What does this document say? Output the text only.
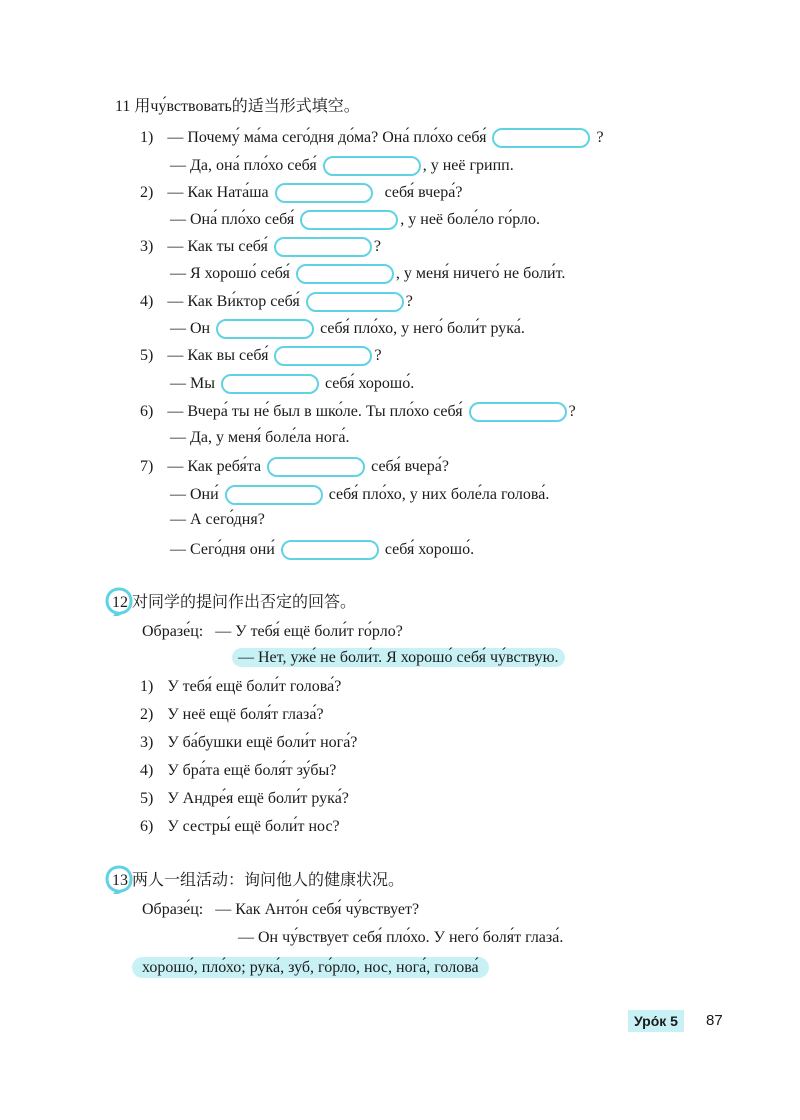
11 用чу́вствовать的适当形式填空。
1) — Почему́ ма́ма сего́дня до́ма? Она́ пло́хо себя́	?
— Да, она́ пло́хо себя́	, у неё грипп.
2) — Как Ната́ша	себя́ вчера́?
— Она́ пло́хо себя́	, у неё боле́ло го́рло.
3) — Как ты себя́	?
— Я хорошо́ себя́	, у меня́ ничего́ не боли́т.
4) — Как Ви́ктор себя́	?
— Он	себя́ пло́хо, у него́ боли́т рука́.
5) — Как вы себя́	?
— Мы	себя́ хорошо́.
6) — Вчера́ ты не́ был в шко́ле. Ты пло́хо себя́	?
— Да, у меня́ боле́ла нога́.
7) — Как ребя́та	себя́ вчера́?
— Они́	себя́ пло́хо, у них боле́ла голова́.
— А сего́дня?
— Сего́дня они́	себя́ хорошо́.
12 对同学的提问作出否定的回答。
Образе́ц: — У тебя́ ещё боли́т го́рло?
— Нет, уже́ не боли́т. Я хорошо́ себя́ чу́вствую.
1) У тебя́ ещё боли́т голова́?
2) У неё ещё боля́т глаза́?
3) У ба́бушки ещё боли́т нога́?
4) У бра́та ещё боля́т зу́бы?
5) У Андре́я ещё боли́т рука́?
6) У сестры́ ещё боли́т нос?
13 两人一组活动：询问他人的健康状况。
Образе́ц: — Как Анто́н себя́ чу́вствует?
— Он чу́вствует себя́ пло́хо. У него́ боля́т глаза́.
хорошо́, пло́хо; рука́, зуб, го́рло, нос, нога́, голова́
Уро́к 5	87
